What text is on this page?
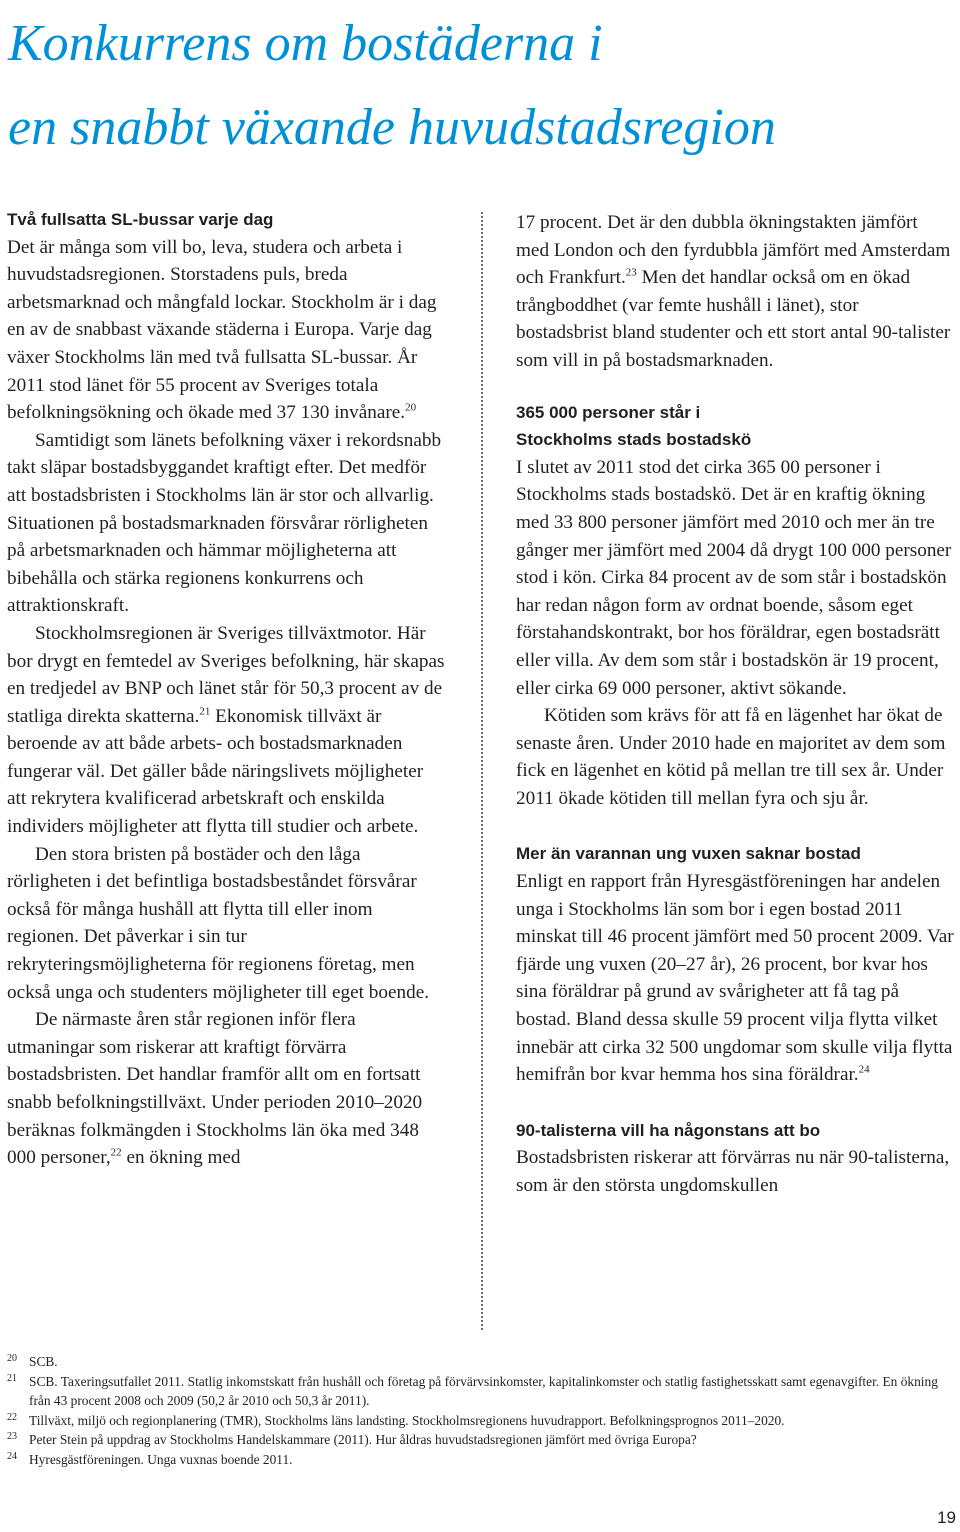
Konkurrens om bostäderna i
en snabbt växande huvudstadsregion
Två fullsatta SL-bussar varje dag

Det är många som vill bo, leva, studera och arbeta i huvudstadsregionen. Storstadens puls, breda arbetsmarknad och mångfald lockar. Stockholm är i dag en av de snabbast växande städerna i Europa. Varje dag växer Stockholms län med två fullsatta SL-bussar. År 2011 stod länet för 55 procent av Sveriges totala befolkningsökning och ökade med 37 130 invånare.$^{20}$

Samtidigt som länets befolkning växer i rekordsnabb takt släpar bostadsbyggandet kraftigt efter. Det medför att bostadsbristen i Stockholms län är stor och allvarlig. Situationen på bostadsmarknaden försvårar rörligheten på arbetsmarknaden och hämmar möjligheterna att bibehålla och stärka regionens konkurrens och attraktionskraft.

Stockholmsregionen är Sveriges tillväxtmotor. Här bor drygt en femtedel av Sveriges befolkning, här skapas en tredjedel av BNP och länet står för 50,3 procent av de statliga direkta skatterna.$^{21}$ Ekonomisk tillväxt är beroende av att både arbets- och bostadsmarknaden fungerar väl. Det gäller både näringslivets möjligheter att rekrytera kvalificerad arbetskraft och enskilda individers möjligheter att flytta till studier och arbete.

Den stora bristen på bostäder och den låga rörligheten i det befintliga bostadsbeståndet försvårar också för många hushåll att flytta till eller inom regionen. Det påverkar i sin tur rekryteringsmöjligheterna för regionens företag, men också unga och studenters möjligheter till eget boende.

De närmaste åren står regionen inför flera utmaningar som riskerar att kraftigt förvärra bostadsbristen. Det handlar framför allt om en fortsatt snabb befolkningstillväxt. Under perioden 2010–2020 beräknas folkmängden i Stockholms län öka med 348 000 personer,$^{22}$ en ökning med

17 procent. Det är den dubbla ökningstakten jämfört med London och den fyrdubbla jämfört med Amsterdam och Frankfurt.$^{23}$ Men det handlar också om en ökad trångboddhet (var femte hushåll i länet), stor bostadsbrist bland studenter och ett stort antal 90-talister som vill in på bostadsmarknaden.

365 000 personer står i
Stockholms stads bostadskö

I slutet av 2011 stod det cirka 365 00 personer i Stockholms stads bostadskö. Det är en kraftig ökning med 33 800 personer jämfört med 2010 och mer än tre gånger mer jämfört med 2004 då drygt 100 000 personer stod i kön. Cirka 84 procent av de som står i bostadskön har redan någon form av ordnat boende, såsom eget förstahandskontrakt, bor hos föräldrar, egen bostadsrätt eller villa. Av dem som står i bostadskön är 19 procent, eller cirka 69 000 personer, aktivt sökande.

Kötiden som krävs för att få en lägenhet har ökat de senaste åren. Under 2010 hade en majoritet av dem som fick en lägenhet en kötid på mellan tre till sex år. Under 2011 ökade kötiden till mellan fyra och sju år.

Mer än varannan ung vuxen saknar bostad

Enligt en rapport från Hyresgästföreningen har andelen unga i Stockholms län som bor i egen bostad 2011 minskat till 46 procent jämfört med 50 procent 2009. Var fjärde ung vuxen (20–27 år), 26 procent, bor kvar hos sina föräldrar på grund av svårigheter att få tag på bostad. Bland dessa skulle 59 procent vilja flytta vilket innebär att cirka 32 500 ungdomar som skulle vilja flytta hemifrån bor kvar hemma hos sina föräldrar.$^{24}$

90-talisterna vill ha någonstans att bo

Bostadsbristen riskerar att förvärras nu när 90-talisterna, som är den största ungdomskullen

20 SCB.
21 SCB. Taxeringsutfallet 2011. Statlig inkomstskatt från hushåll och företag på förvärvsinkomster, kapitalinkomster och statlig fastighetsskatt samt egenavgifter. En ökning från 43 procent 2008 och 2009 (50,2 år 2010 och 50,3 år 2011).
22 Tillväxt, miljö och regionplanering (TMR), Stockholms läns landsting. Stockholmsregionens huvudrapport. Befolkningsprognos 2011–2020.
23 Peter Stein på uppdrag av Stockholms Handelskammare (2011). Hur åldras huvudstadsregionen jämfört med övriga Europa?
24 Hyresgästföreningen. Unga vuxnas boende 2011.
19
